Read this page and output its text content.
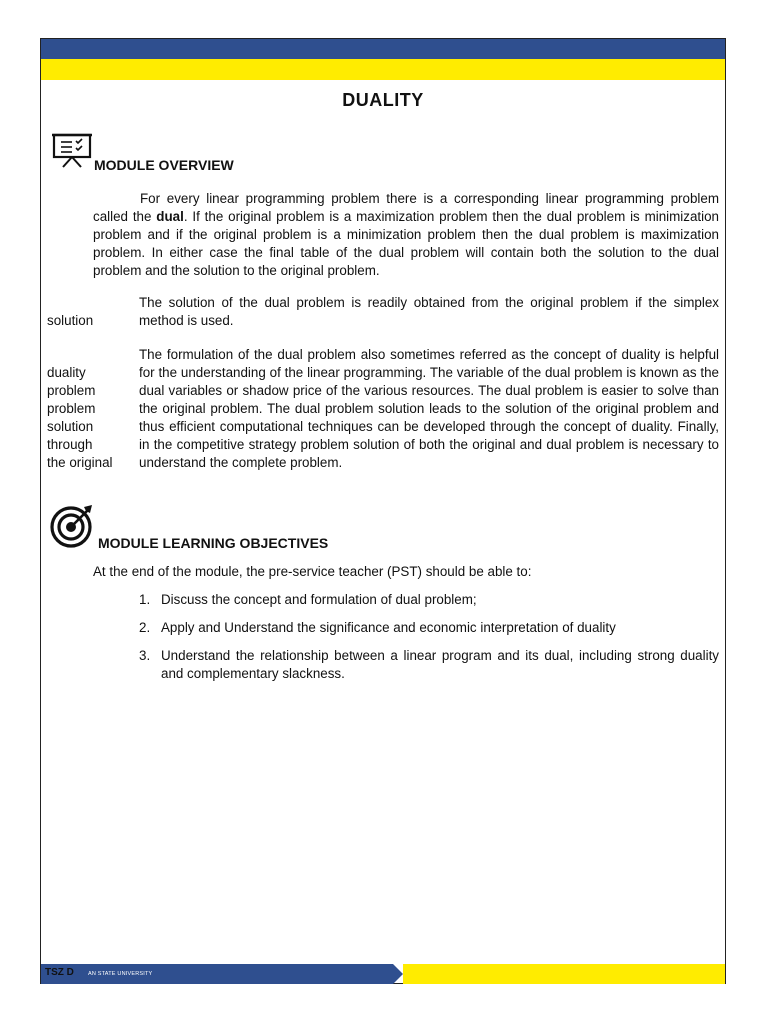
DUALITY
MODULE OVERVIEW

For every linear programming problem there is a corresponding linear programming problem called the dual. If the original problem is a maximization problem then the dual problem is minimization problem and if the original problem is a minimization problem then the dual problem is maximization problem. In either case the final table of the dual problem will contain both the solution to the dual problem and the solution to the original problem.

solution

The solution of the dual problem is readily obtained from the original problem if the simplex method is used.

duality
problem
problem
solution
through
the original

The formulation of the dual problem also sometimes referred as the concept of duality is helpful for the understanding of the linear programming. The variable of the dual problem is known as the dual variables or shadow price of the various resources. The dual problem is easier to solve than the original problem. The dual problem solution leads to the solution of the original problem and thus efficient computational techniques can be developed through the concept of duality. Finally, in the competitive strategy problem solution of both the original and dual problem is necessary to understand the complete problem.

MODULE LEARNING OBJECTIVES
At the end of the module, the pre-service teacher (PST) should be able to:
1. Discuss the concept and formulation of dual problem;
2. Apply and Understand the significance and economic interpretation of duality
3. Understand the relationship between a linear program and its dual, including strong duality and complementary slackness.
TSZ D	AN STATE UNIVERSITY
